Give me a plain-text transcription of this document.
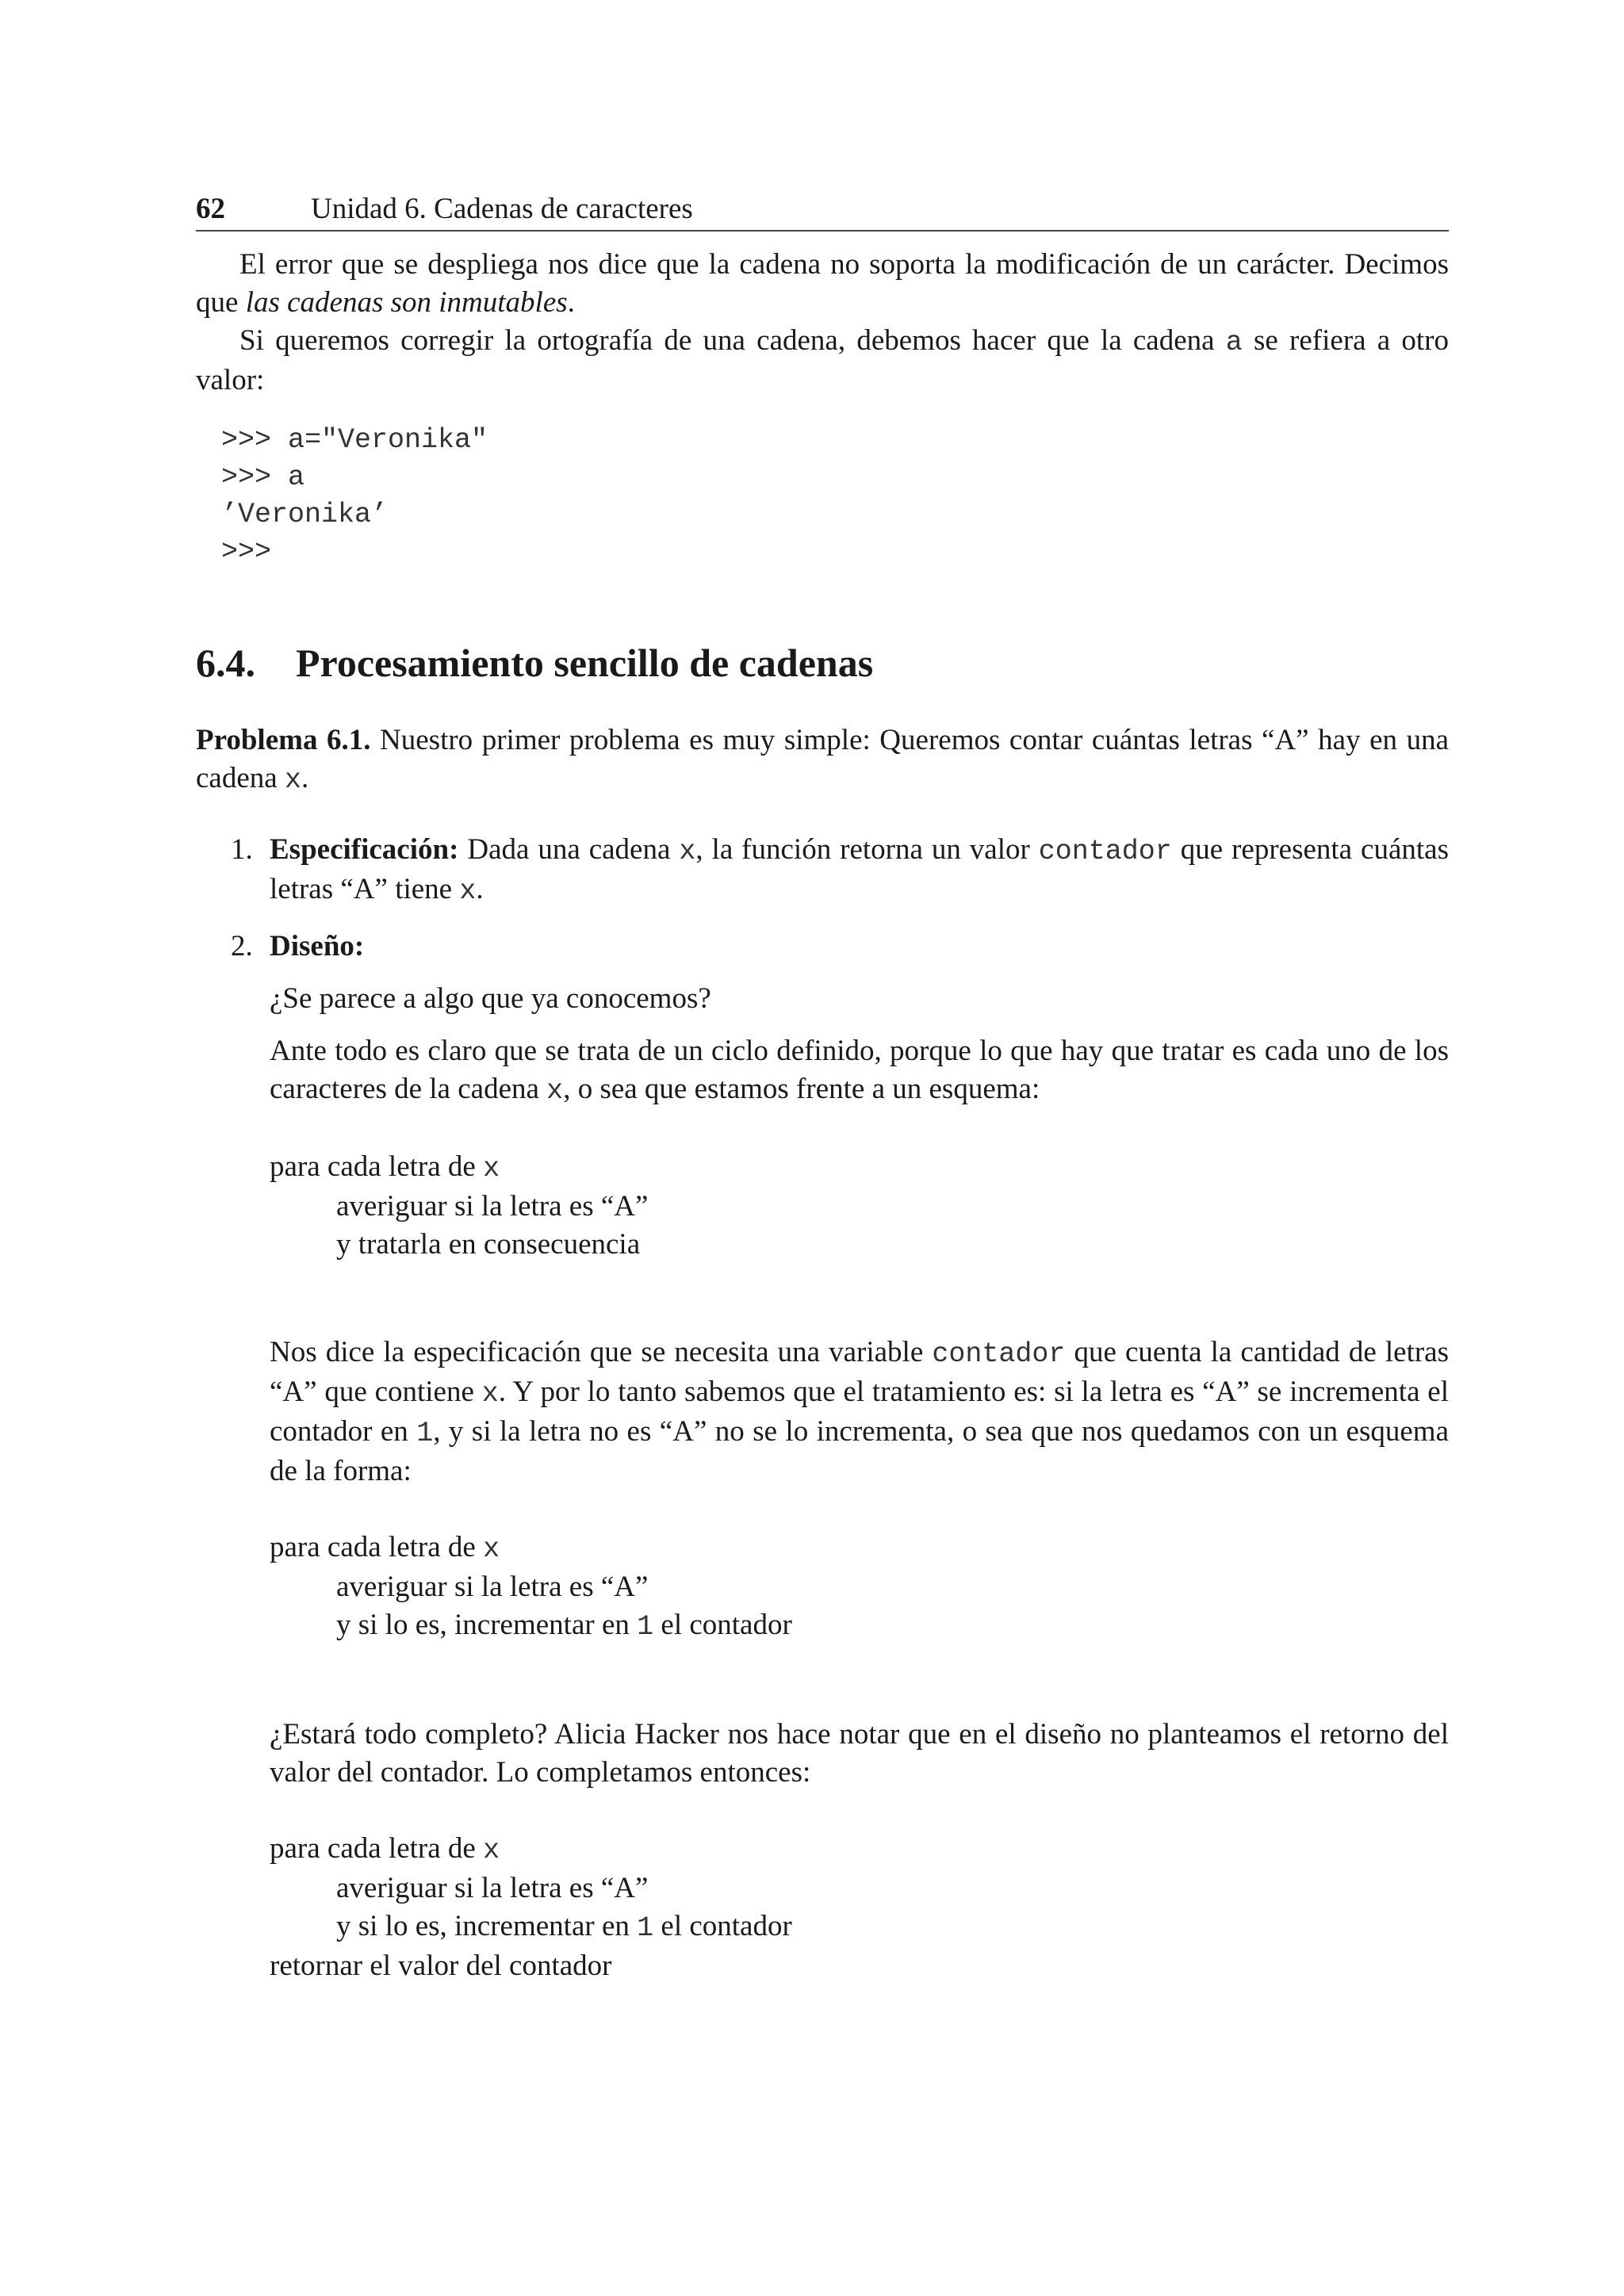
62	Unidad 6. Cadenas de caracteres

El error que se despliega nos dice que la cadena no soporta la modificación de un carácter. Decimos que las cadenas son inmutables.

Si queremos corregir la ortografía de una cadena, debemos hacer que la cadena a se refiera a otro valor:

>>> a="Veronika"
>>> a
’Veronika’
>>>
6.4. Procesamiento sencillo de cadenas

Problema 6.1. Nuestro primer problema es muy simple: Queremos contar cuántas letras “A” hay en una cadena x.

1. Especificación: Dada una cadena x, la función retorna un valor contador que representa cuántas letras “A” tiene x.

2. Diseño:

¿Se parece a algo que ya conocemos?

Ante todo es claro que se trata de un ciclo definido, porque lo que hay que tratar es cada uno de los caracteres de la cadena x, o sea que estamos frente a un esquema:

para cada letra de x
averiguar si la letra es “A”
y tratarla en consecuencia

Nos dice la especificación que se necesita una variable contador que cuenta la cantidad de letras “A” que contiene x. Y por lo tanto sabemos que el tratamiento es: si la letra es “A” se incrementa el contador en 1, y si la letra no es “A” no se lo incrementa, o sea que nos quedamos con un esquema de la forma:

para cada letra de x
averiguar si la letra es “A”
y si lo es, incrementar en 1 el contador

¿Estará todo completo? Alicia Hacker nos hace notar que en el diseño no planteamos el retorno del valor del contador. Lo completamos entonces:

para cada letra de x
averiguar si la letra es “A”
y si lo es, incrementar en 1 el contador
retornar el valor del contador
